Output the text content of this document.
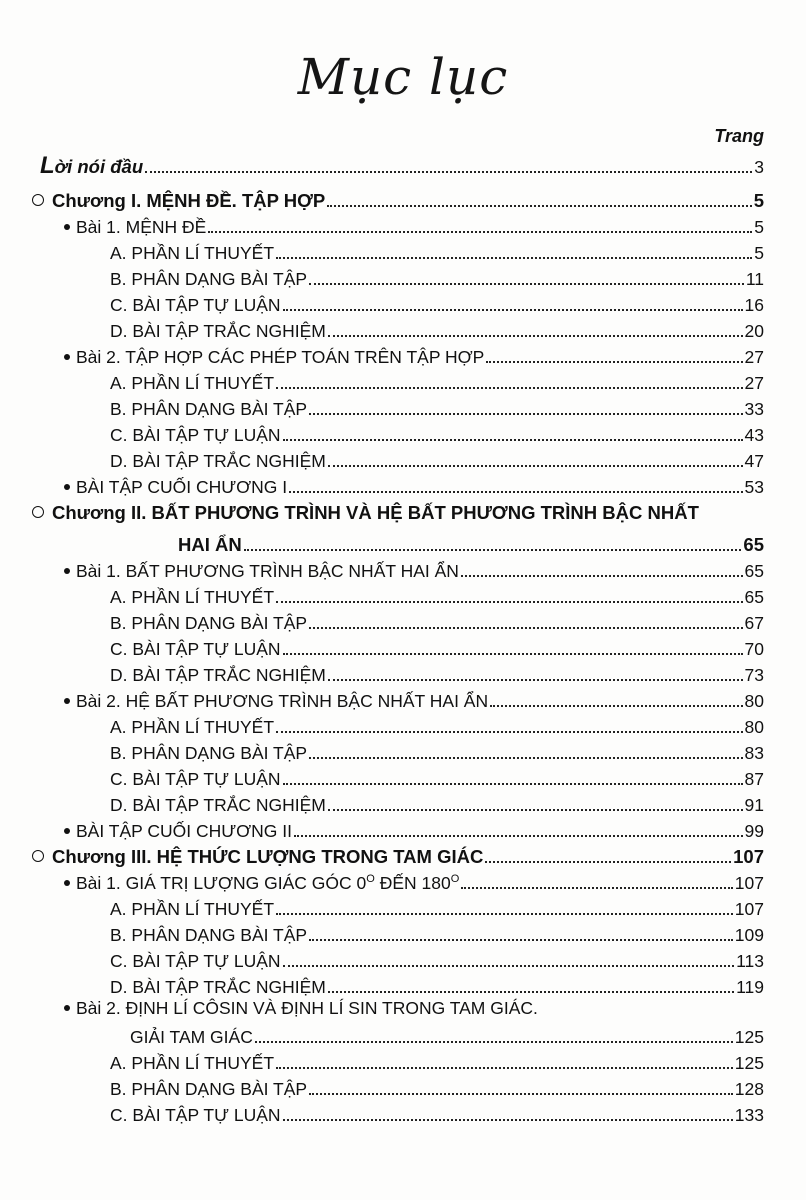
Mục lục
Trang
Lời nói đầu	3
Chương I. MỆNH ĐỀ. TẬP HỢP	5
Bài 1. MỆNH ĐỀ	5
A. PHẦN LÍ THUYẾT	5
B. PHÂN DẠNG BÀI TẬP	11
C. BÀI TẬP TỰ LUẬN	16
D. BÀI TẬP TRẮC NGHIỆM	20
Bài 2. TẬP HỢP CÁC PHÉP TOÁN TRÊN TẬP HỢP	27
A. PHẦN LÍ THUYẾT	27
B. PHÂN DẠNG BÀI TẬP	33
C. BÀI TẬP TỰ LUẬN	43
D. BÀI TẬP TRẮC NGHIỆM	47
BÀI TẬP CUỐI CHƯƠNG I	53
Chương II. BẤT PHƯƠNG TRÌNH VÀ HỆ BẤT PHƯƠNG TRÌNH BẬC NHẤT
HAI ẨN	65
Bài 1. BẤT PHƯƠNG TRÌNH BẬC NHẤT HAI ẨN	65
A. PHẦN LÍ THUYẾT	65
B. PHÂN DẠNG BÀI TẬP	67
C. BÀI TẬP TỰ LUẬN	70
D. BÀI TẬP TRẮC NGHIỆM	73
Bài 2. HỆ BẤT PHƯƠNG TRÌNH BẬC NHẤT HAI ẨN	80
A. PHẦN LÍ THUYẾT	80
B. PHÂN DẠNG BÀI TẬP	83
C. BÀI TẬP TỰ LUẬN	87
D. BÀI TẬP TRẮC NGHIỆM	91
BÀI TẬP CUỐI CHƯƠNG II	99
Chương III. HỆ THỨC LƯỢNG TRONG TAM GIÁC	107
Bài 1. GIÁ TRỊ LƯỢNG GIÁC GÓC $0^O$ ĐẾN $180^O$	107
A. PHẦN LÍ THUYẾT	107
B. PHÂN DẠNG BÀI TẬP	109
C. BÀI TẬP TỰ LUẬN	113
D. BÀI TẬP TRẮC NGHIỆM	119
Bài 2. ĐỊNH LÍ CÔSIN VÀ ĐỊNH LÍ SIN TRONG TAM GIÁC.
GIẢI TAM GIÁC	125
A. PHẦN LÍ THUYẾT	125
B. PHÂN DẠNG BÀI TẬP	128
C. BÀI TẬP TỰ LUẬN	133
